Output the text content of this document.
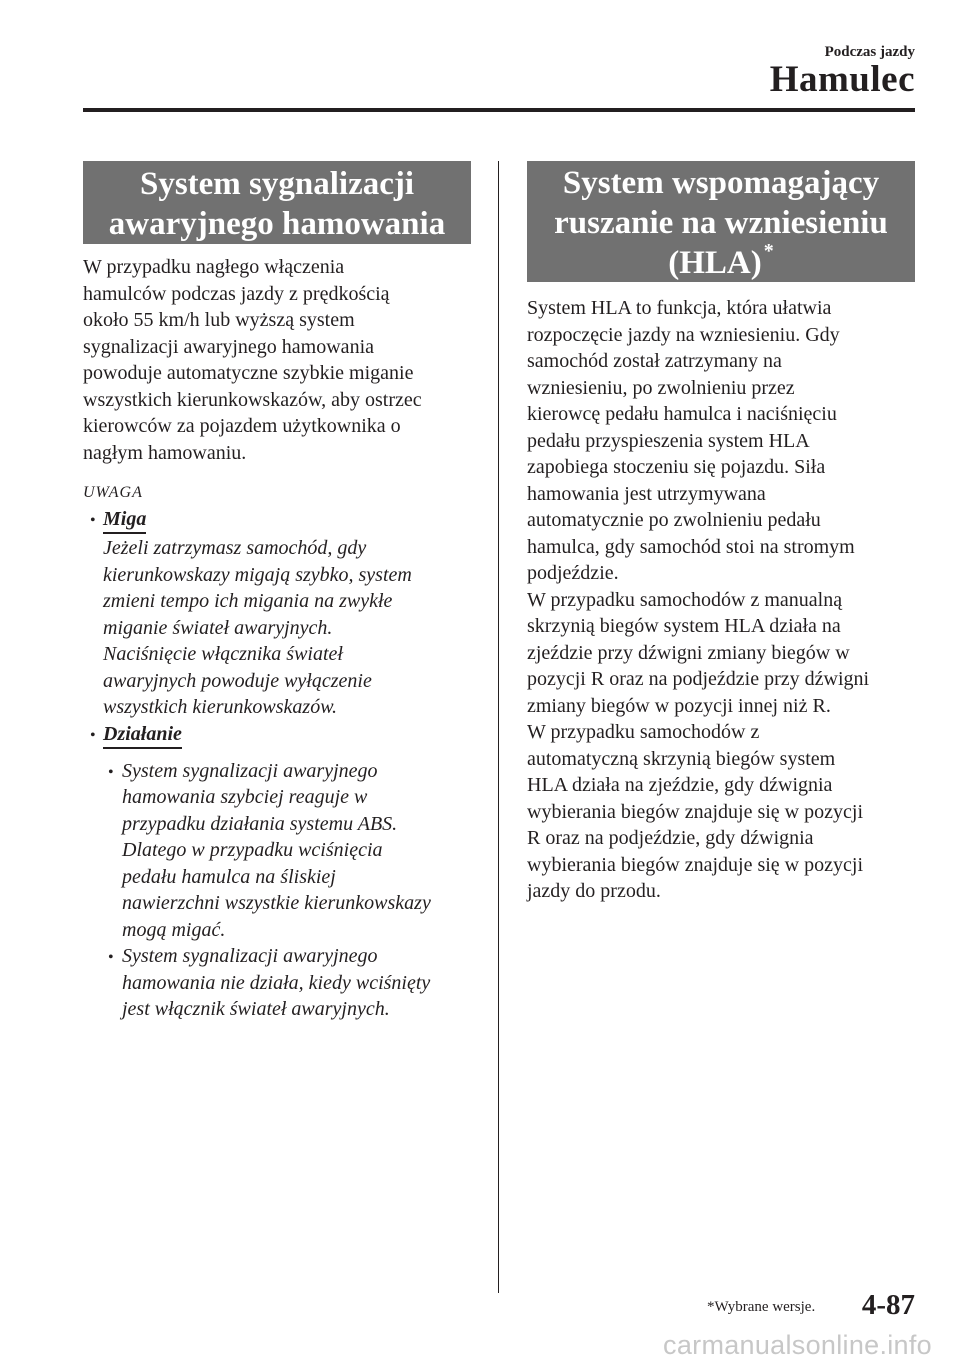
Podczas jazdy
Hamulec
System sygnalizacji
awaryjnego hamowania
W przypadku nagłego włączenia
hamulców podczas jazdy z prędkością
około 55 km/h lub wyższą system
sygnalizacji awaryjnego hamowania
powoduje automatyczne szybkie miganie
wszystkich kierunkowskazów, aby ostrzec
kierowców za pojazdem użytkownika o
nagłym hamowaniu.
UWAGA
• Miga
Jeżeli zatrzymasz samochód, gdy
kierunkowskazy migają szybko, system
zmieni tempo ich migania na zwykłe
miganie świateł awaryjnych.
Naciśnięcie włącznika świateł
awaryjnych powoduje wyłączenie
wszystkich kierunkowskazów.
• Działanie
• System sygnalizacji awaryjnego
hamowania szybciej reaguje w
przypadku działania systemu ABS.
Dlatego w przypadku wciśnięcia
pedału hamulca na śliskiej
nawierzchni wszystkie kierunkowskazy
mogą migać.
• System sygnalizacji awaryjnego
hamowania nie działa, kiedy wciśnięty
jest włącznik świateł awaryjnych.
System wspomagający
ruszanie na wzniesieniu
(HLA) *
System HLA to funkcja, która ułatwia
rozpoczęcie jazdy na wzniesieniu. Gdy
samochód został zatrzymany na
wzniesieniu, po zwolnieniu przez
kierowcę pedału hamulca i naciśnięciu
pedału przyspieszenia system HLA
zapobiega stoczeniu się pojazdu. Siła
hamowania jest utrzymywana
automatycznie po zwolnieniu pedału
hamulca, gdy samochód stoi na stromym
podjeździe.
W przypadku samochodów z manualną
skrzynią biegów system HLA działa na
zjeździe przy dźwigni zmiany biegów w
pozycji R oraz na podjeździe przy dźwigni
zmiany biegów w pozycji innej niż R.
W przypadku samochodów z
automatyczną skrzynią biegów system
HLA działa na zjeździe, gdy dźwignia
wybierania biegów znajduje się w pozycji
R oraz na podjeździe, gdy dźwignia
wybierania biegów znajduje się w pozycji
jazdy do przodu.
*Wybrane wersje. 4-87
carmanualsonline.info
